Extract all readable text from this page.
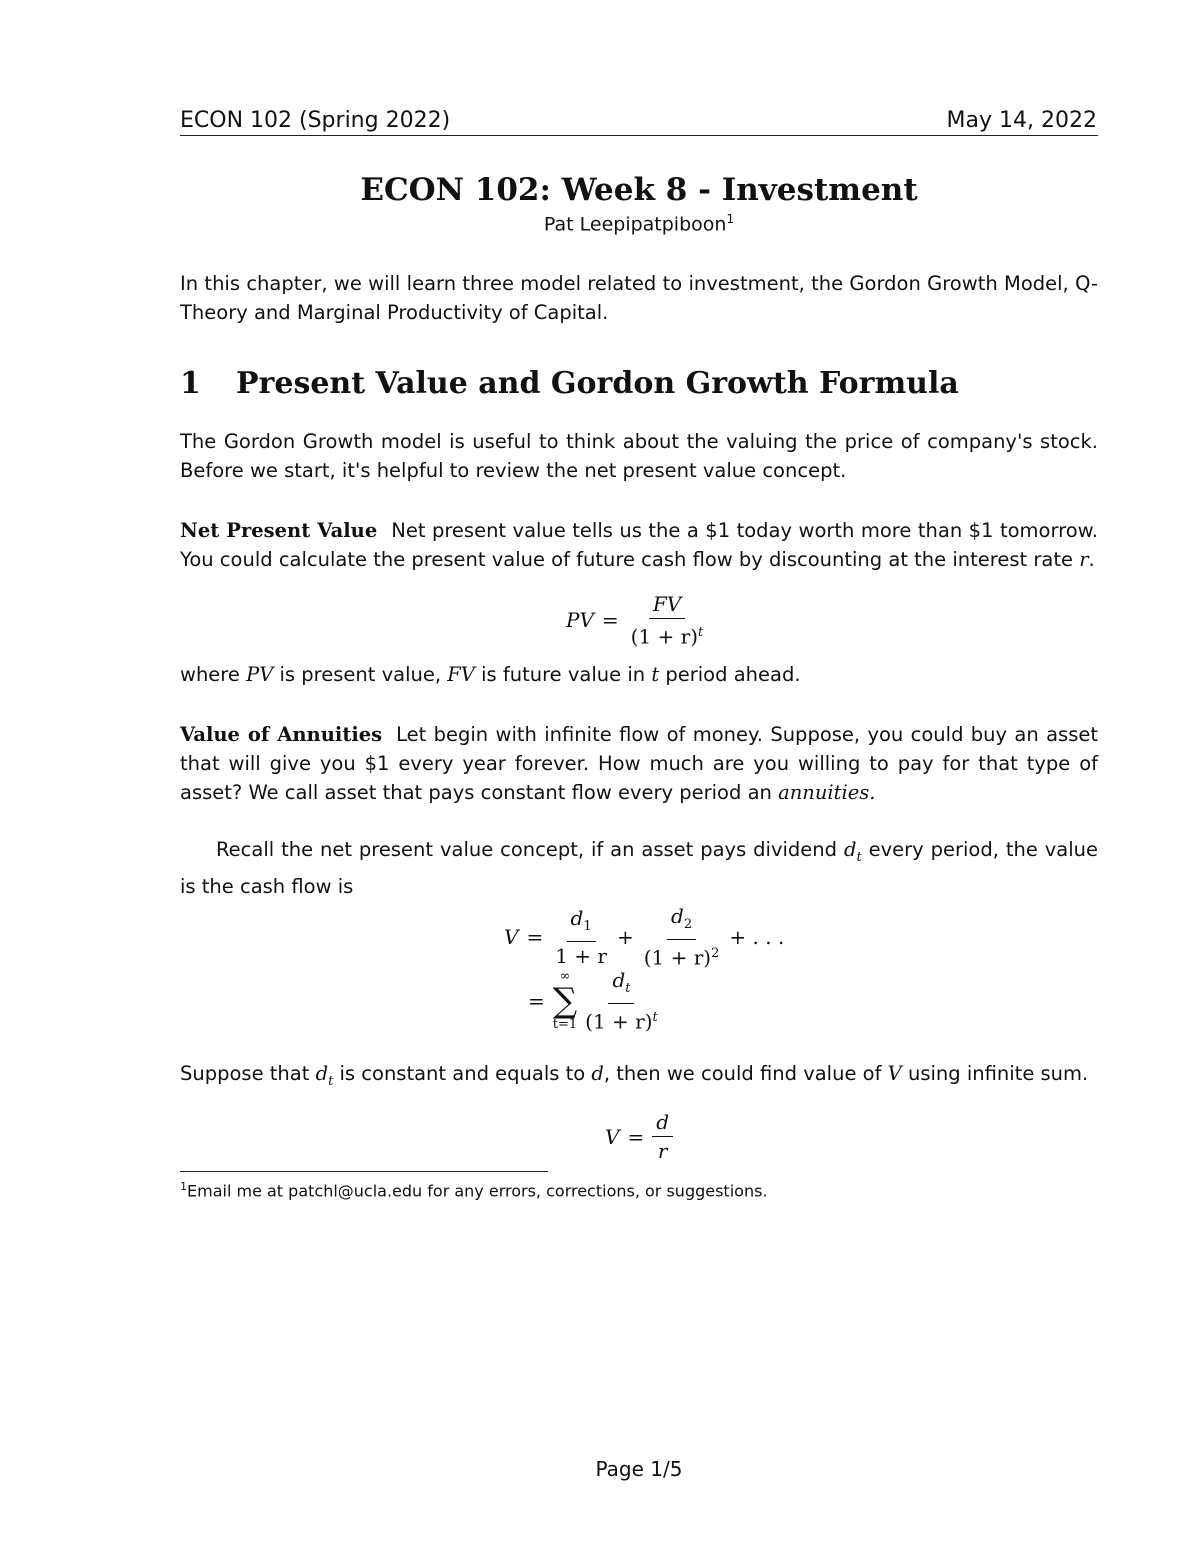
ECON 102 (Spring 2022)	May 14, 2022
ECON 102: Week 8 - Investment
Pat Leepipatpiboon$^1$

In this chapter, we will learn three model related to investment, the Gordon Growth Model, Q-Theory and Marginal Productivity of Capital.

1 Present Value and Gordon Growth Formula

The Gordon Growth model is useful to think about the valuing the price of company's stock. Before we start, it's helpful to review the net present value concept.

Net Present Value Net present value tells us the a $1 today worth more than $1 tomorrow. You could calculate the present value of future cash flow by discounting at the interest rate r.

PV = $\frac{FV}{(1 + r)^t}$

where PV is present value, FV is future value in t period ahead.

Value of Annuities Let begin with infinite flow of money. Suppose, you could buy an asset that will give you $1 every year forever. How much are you willing to pay for that type of asset? We call asset that pays constant flow every period an annuities.

Recall the net present value concept, if an asset pays dividend $d_t$ every period, the value is the cash flow is

$V = \frac{d_1}{1 + r} + \frac{d_2}{(1 + r)^2}$ + . . .
=
∞
∑
$t=1 \frac{d_t}{(1 + r)^t}$

Suppose that $d_t$ is constant and equals to d, then we could find value of V using infinite sum.

$V = \frac{d}{r}$
$^1$Email me at patchl@ucla.edu for any errors, corrections, or suggestions.
Page 1/5
